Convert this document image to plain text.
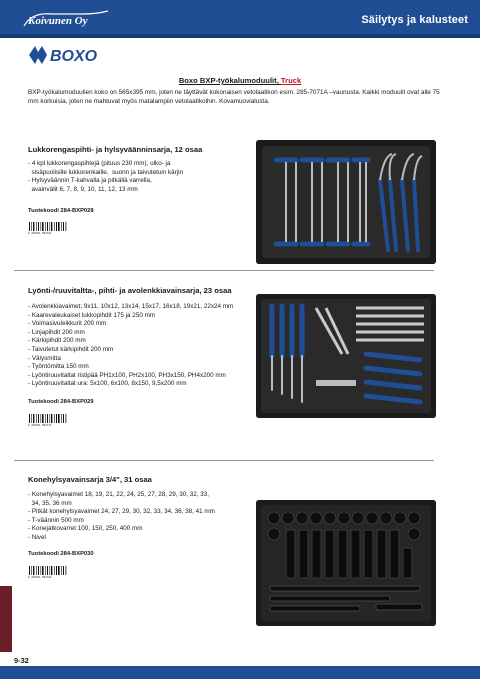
Koivunen Oy	Säilytys ja kalusteet
BOXO
Boxo BXP-työkalumoduulit, Truck
BXP-työkalumoduulien koko on 565x395 mm, joten ne täyttävät kokonaisen vetolaatikon esim. 285-7071A –vaunusta. Kaikki moduulit ovat alle 75 mm korkuisia, joten ne mahtuvat myös matalampiin vetolaatikoihin. Kovamuovialusta.
Lukkorengaspihti- ja hylsyväänninsarja, 12 osaa
- 4 kpl lukkorengaspihtejä (pituus 230 mm), ulko- ja
sisäpuolisille lukkorenkaille,  suorin ja taivutetuin kärjin
- Hylsyväännin T-kahvalla ja pitkällä varrella,
avainvälit 6, 7, 8, 9, 10, 11, 12, 13 mm
Tuotekoodi 284-BXP028
6 416251 597164
Lyönti-/ruuvitaltta-, pihti- ja avolenkkiavainsarja, 23 osaa
- Avolenkkiavaimet; 9x11, 10x12, 13x14, 15x17, 16x18, 19x21, 22x24 mm
- Kaarevaleukaiset lukkopihdit 175 ja 250 mm
- Voimasivuleikkurit 200 mm
- Linjapihdit 200 mm
- Kärkipihdit 200 mm
- Taivutetut kärkipihdit 200 mm
- Välysmitta
- Työntömitta 150 mm
- Lyöntiruuvitaltat ristipää PH1x100, PH2x100, PH3x150, PH4x200 mm
- Lyöntiruuvitaltat ura: 5x100, 6x100, 8x150, 9,5x200 mm
Tuotekoodi 284-BXP029
6 416251 597171
Konehylsyavainsarja 3/4", 31 osaa
- Konehylsyavaimet 18, 19, 21, 22, 24, 25, 27, 28, 29, 30, 32, 33,
34, 35, 36 mm
- Pitkät konehylsyavaimet 24, 27, 29, 30, 32, 33, 34, 36, 38, 41 mm
- T-väännin 500 mm
- Konejatkovarret 100, 150, 250, 400 mm
- Nivel
Tuotekoodi 284-BXP030
6 416251 597188
9-32
